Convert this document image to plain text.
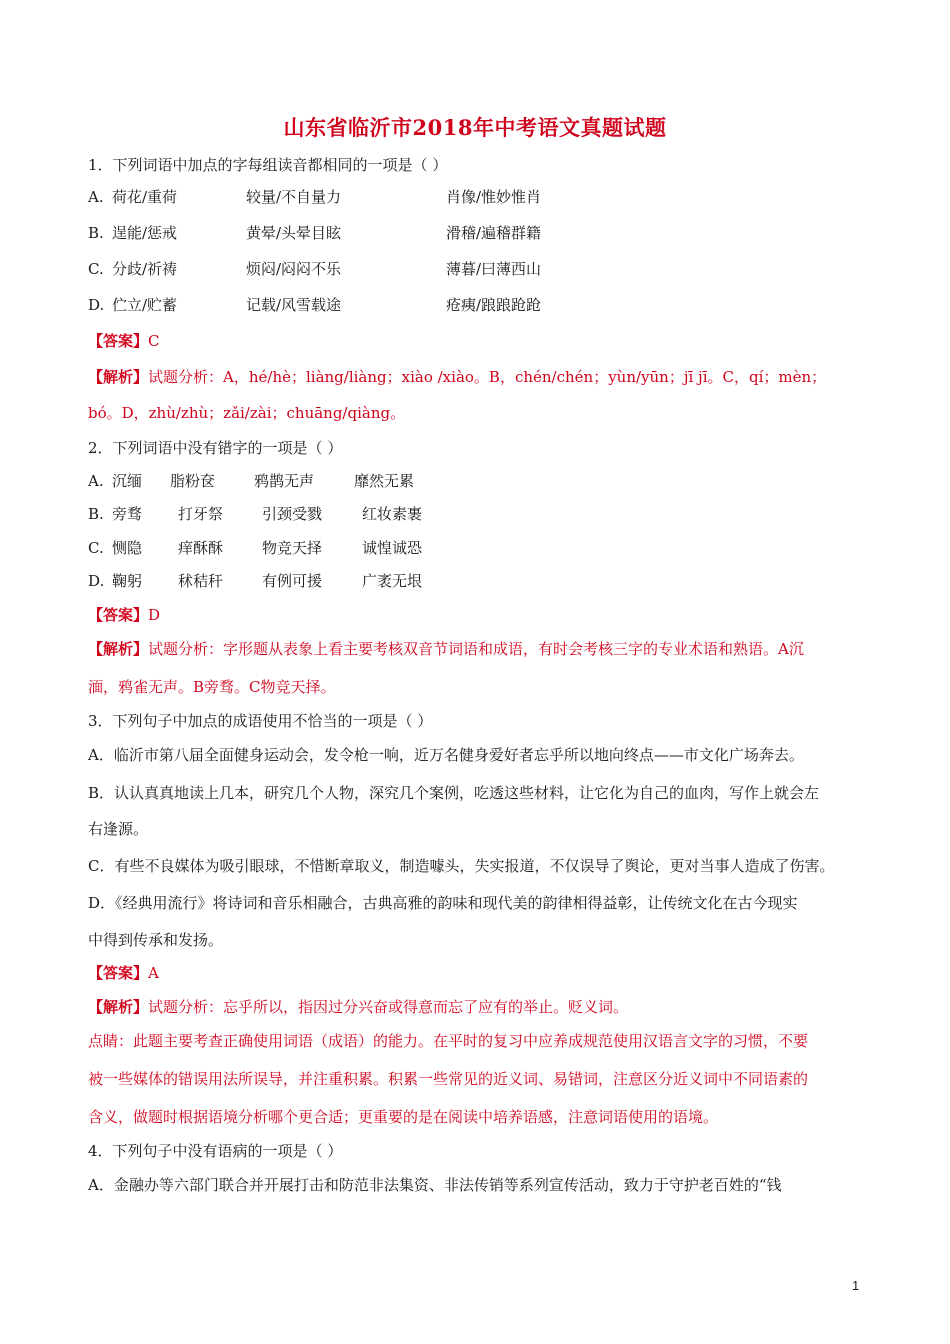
山东省临沂市2018年中考语文真题试题
1．下列词语中加点的字每组读音都相同的一项是（ ）
A. 荷花/重荷	较量/不自量力	肖像/惟妙惟肖
B. 逞能/惩戒	黄晕/头晕目眩	滑稽/遍稽群籍
C. 分歧/祈祷	烦闷/闷闷不乐	薄暮/曰薄西山
D. 伫立/贮蓄	记载/风雪载途	疮痍/踉踉跄跄
【答案】C
【解析】试题分析：A，hé/hè；liàng/liàng；xiào /xiào。B，chén/chén；yùn/yūn；jī jī。C，qí；mèn；
bó。D，zhù/zhù；zǎi/zài；chuāng/qiàng。
2．下列词语中没有错字的一项是（ ）
A. 沉缅 脂粉奁	鸦鹊无声	靡然无累
B. 旁骛 打牙祭	引颈受戮	红妆素裹
C. 恻隐 痒酥酥	物竞天择	诚惶诚恐
D. 鞠躬 秫秸秆	有例可援	广袤无垠
【答案】D
【解析】试题分析：字形题从表象上看主要考核双音节词语和成语，有时会考核三字的专业术语和熟语。A沉
湎，鸦雀无声。B旁骛。C物竞天择。
3．下列句子中加点的成语使用不恰当的一项是（ ）
A．临沂市第八届全面健身运动会，发令枪一响，近万名健身爱好者忘乎所以地向终点——市文化广场奔去。
B．认认真真地读上几本，研究几个人物，深究几个案例，吃透这些材料，让它化为自己的血肉，写作上就会左
右逢源。
C．有些不良媒体为吸引眼球，不惜断章取义，制造噱头，失实报道，不仅误导了舆论，更对当事人造成了伤害。
D．《经典用流行》将诗词和音乐相融合，古典高雅的韵味和现代美的韵律相得益彰，让传统文化在古今现实
中得到传承和发扬。
【答案】A
【解析】试题分析：忘乎所以，指因过分兴奋或得意而忘了应有的举止。贬义词。
点睛：此题主要考查正确使用词语（成语）的能力。在平时的复习中应养成规范使用汉语言文字的习惯，不要
被一些媒体的错误用法所误导，并注重积累。积累一些常见的近义词、易错词，注意区分近义词中不同语素的
含义，做题时根据语境分析哪个更合适；更重要的是在阅读中培养语感，注意词语使用的语境。
4．下列句子中没有语病的一项是（ ）
A．金融办等六部门联合并开展打击和防范非法集资、非法传销等系列宣传活动，致力于守护老百姓的“钱
1
